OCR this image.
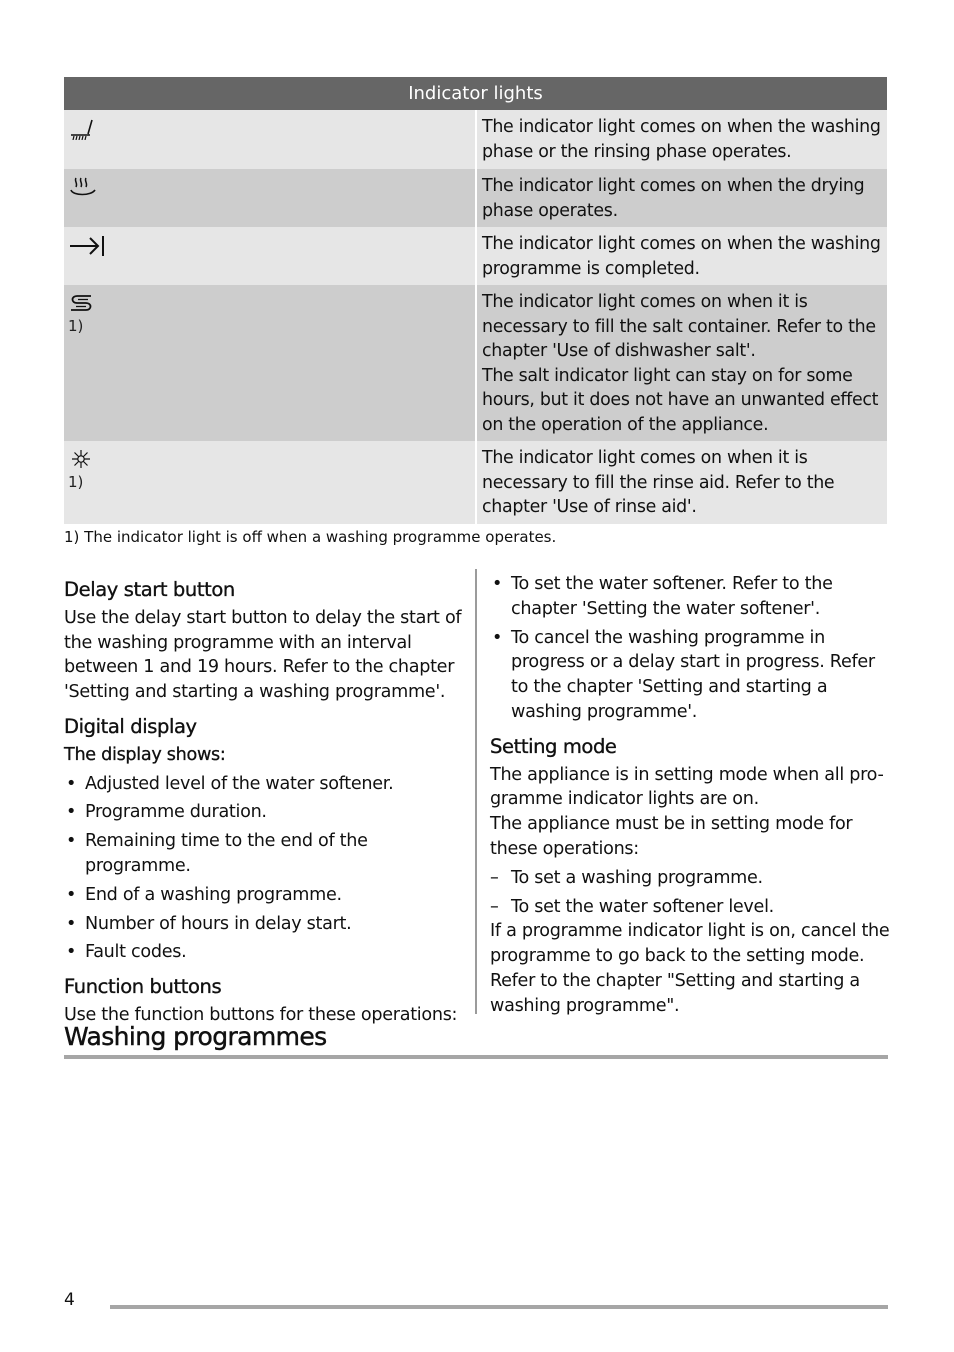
Indicator lights
The indicator light comes on when the washing phase or the rinsing phase operates.
The indicator light comes on when the drying phase operates.
The indicator light comes on when the washing programme is completed.
1)
The indicator light comes on when it is necessary to fill the salt container. Refer to the chapter 'Use of dishwasher salt'.
The salt indicator light can stay on for some hours, but it does not have an unwanted effect on the operation of the appliance.
1)
The indicator light comes on when it is necessary to fill the rinse aid. Refer to the chapter 'Use of rinse aid'.
1) The indicator light is off when a washing programme operates.
Delay start button

Use the delay start button to delay the start of the washing programme with an interval between 1 and 19 hours. Refer to the chapter 'Setting and starting a washing programme'.

Digital display
The display shows:
• Adjusted level of the water softener.
• Programme duration.
• Remaining time to the end of the programme.
• End of a washing programme.
• Number of hours in delay start.
• Fault codes.
Function buttons

Use the function buttons for these operations:

• To set the water softener. Refer to the chapter 'Setting the water softener'.
• To cancel the washing programme in progress or a delay start in progress. Refer to the chapter 'Setting and starting a washing programme'.
Setting mode

The appliance is in setting mode when all pro-gramme indicator lights are on.

The appliance must be in setting mode for these operations:

– To set a washing programme.
– To set the water softener level.

If a programme indicator light is on, cancel the programme to go back to the setting mode. Refer to the chapter "Setting and starting a washing programme".

Washing programmes
4
